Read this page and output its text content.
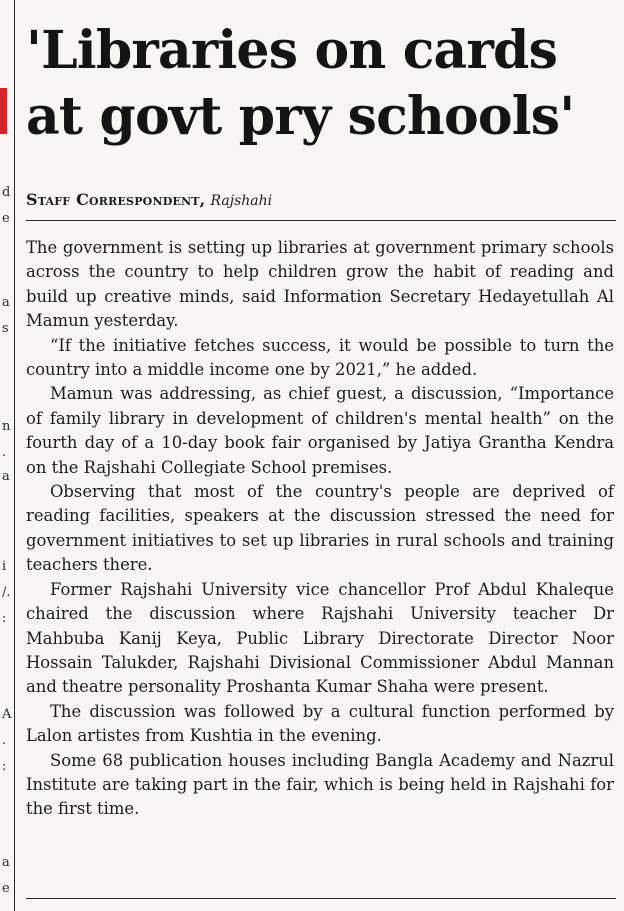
d
e
a
s
n
.
a
i
/.
:
A
.
:
a
e
'Libraries on cards at govt pry schools'

Staff Correspondent, Rajshahi

The government is setting up libraries at government primary schools across the country to help children grow the habit of reading and build up creative minds, said Information Secretary Hedayetullah Al Mamun yesterday.

“If the initiative fetches success, it would be possible to turn the country into a middle income one by 2021,” he added.

Mamun was addressing, as chief guest, a discussion, “Importance of family library in development of children's mental health” on the fourth day of a 10-day book fair organised by Jatiya Grantha Kendra on the Rajshahi Collegiate School premises.

Observing that most of the country's people are deprived of reading facilities, speakers at the discussion stressed the need for government initiatives to set up libraries in rural schools and training teachers there.

Former Rajshahi University vice chancellor Prof Abdul Khaleque chaired the discussion where Rajshahi University teacher Dr Mahbuba Kanij Keya, Public Library Directorate Director Noor Hossain Talukder, Rajshahi Divisional Commissioner Abdul Mannan and theatre personality Proshanta Kumar Shaha were present.

The discussion was followed by a cultural function performed by Lalon artistes from Kushtia in the evening.

Some 68 publication houses including Bangla Academy and Nazrul Institute are taking part in the fair, which is being held in Rajshahi for the first time.
